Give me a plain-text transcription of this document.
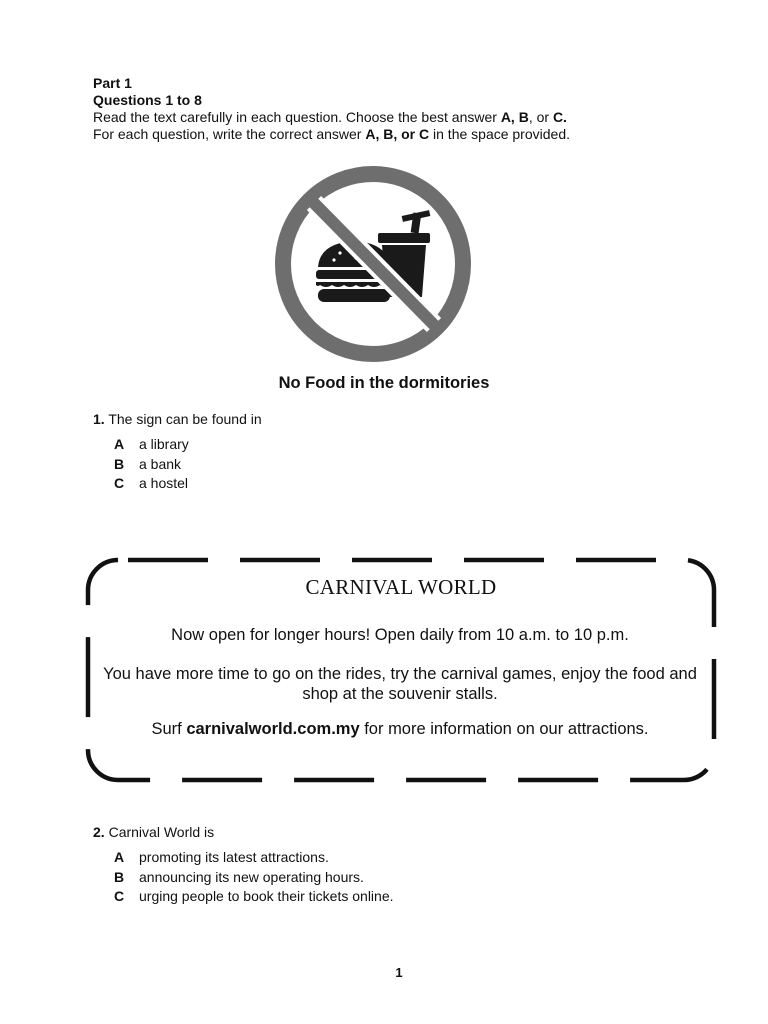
Part 1
Questions 1 to 8
Read the text carefully in each question. Choose the best answer A, B, or C.
For each question, write the correct answer A, B, or C in the space provided.
No Food in the dormitories
1. The sign can be found in
A a library
B a bank
C a hostel
CARNIVAL WORLD
Now open for longer hours! Open daily from 10 a.m. to 10 p.m.
You have more time to go on the rides, try the carnival games, enjoy the food and shop at the souvenir stalls.
Surf carnivalworld.com.my for more information on our attractions.
2. Carnival World is
A promoting its latest attractions.
B announcing its new operating hours.
C urging people to book their tickets online.
1
